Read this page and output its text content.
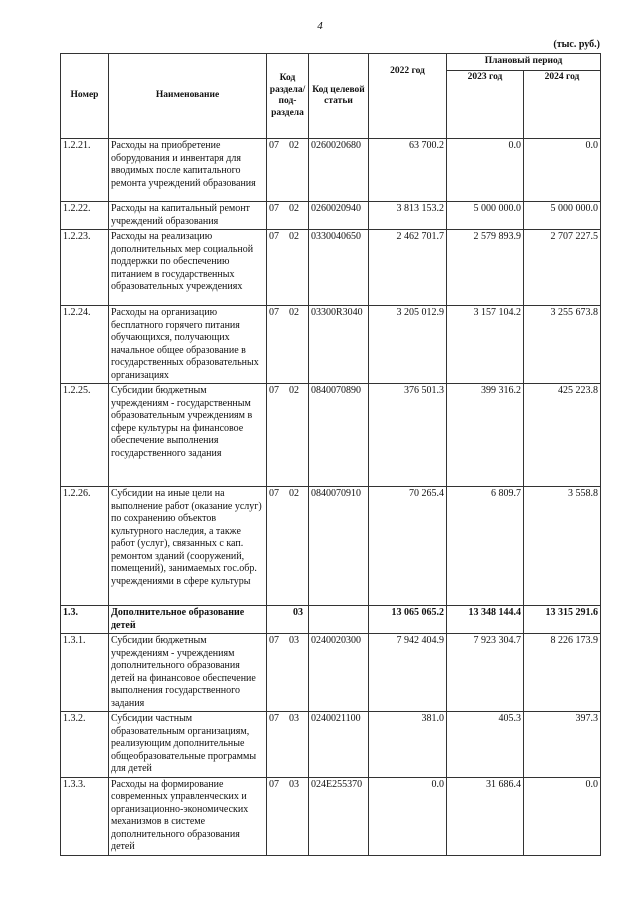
4
(тыс. руб.)
Номер	Наименование	Код раздела/ под- раздела	Код целевой статьи	2022 год	Плановый период	
					2023 год	2024 год
1.2.21.	Расходы на приобретение оборудования и инвентаря для вводимых после капитального ремонта учреждений образования	07 02	0260020680	63 700.2	0.0	0.0
1.2.22.	Расходы на капитальный ремонт учреждений образования	07 02	0260020940	3 813 153.2	5 000 000.0	5 000 000.0
1.2.23.	Расходы на реализацию дополнительных мер социальной поддержки по обеспечению питанием в государственных образовательных учреждениях	07 02	0330040650	2 462 701.7	2 579 893.9	2 707 227.5
1.2.24.	Расходы на организацию бесплатного горячего питания обучающихся, получающих начальное общее образование в государственных образовательных организациях	07 02	03300R3040	3 205 012.9	3 157 104.2	3 255 673.8
1.2.25.	Субсидии бюджетным учреждениям - государственным образовательным учреждениям в сфере культуры на финансовое обеспечение выполнения государственного задания	07 02	0840070890	376 501.3	399 316.2	425 223.8
1.2.26.	Субсидии на иные цели на выполнение работ (оказание услуг) по сохранению объектов культурного наследия, а также работ (услуг), связанных с кап. ремонтом зданий (сооружений, помещений), занимаемых гос.обр. учреждениями в сфере культуры	07 02	0840070910	70 265.4	6 809.7	3 558.8
1.3.	Дополнительное образование детей	03		13 065 065.2	13 348 144.4	13 315 291.6
1.3.1.	Субсидии бюджетным учреждениям - учреждениям дополнительного образования детей на финансовое обеспечение выполнения государственного задания	07 03	0240020300	7 942 404.9	7 923 304.7	8 226 173.9
1.3.2.	Субсидии частным образовательным организациям, реализующим дополнительные общеобразовательные программы для детей	07 03	0240021100	381.0	405.3	397.3
1.3.3.	Расходы на формирование современных управленческих и организационно-экономических механизмов в системе дополнительного образования детей	07 03	024E255370	0.0	31 686.4	0.0
